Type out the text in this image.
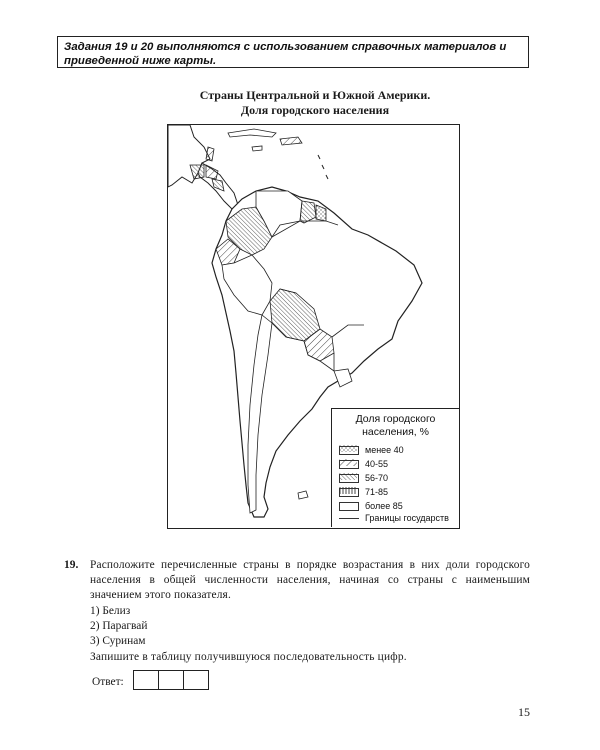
Задания 19 и 20 выполняются с использованием справочных материалов и приведенной ниже карты.
Страны Центральной и Южной Америки.
Доля городского населения
Доля городского
населения, %
менее 40
40-55
56-70
71-85
более 85
Границы государств
19. Расположите перечисленные страны в порядке возрастания в них доли городского населения в общей численности населения, начиная со страны с наименьшим значением этого показателя.
1) Белиз
2) Парагвай
3) Суринам
Запишите в таблицу получившуюся последовательность цифр.
Ответ:
15
